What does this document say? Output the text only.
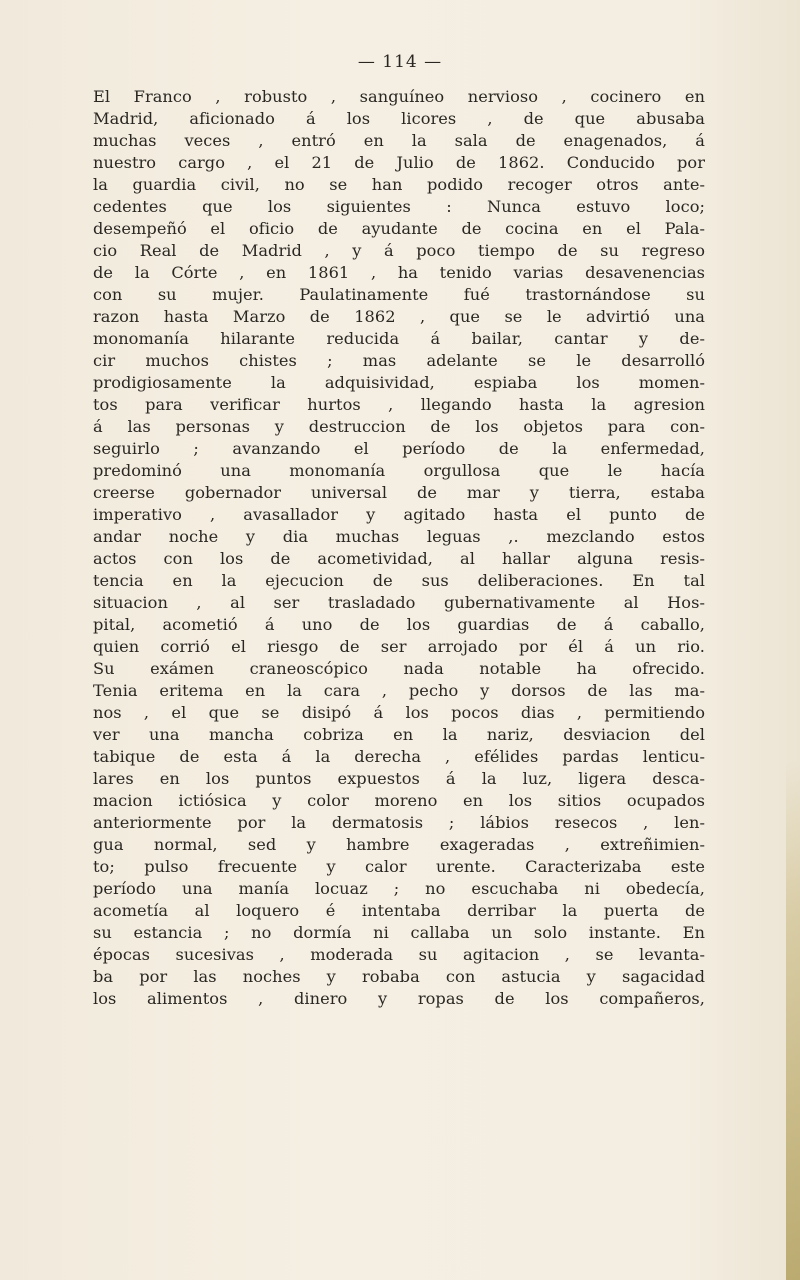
— 114 —
El Franco , robusto , sanguíneo nervioso , cocinero en
Madrid, aficionado á los licores , de que abusaba
muchas veces , entró en la sala de enagenados, á
nuestro cargo , el 21 de Julio de 1862. Conducido por
la guardia civil, no se han podido recoger otros ante-
cedentes que los siguientes : Nunca estuvo loco;
desempeñó el oficio de ayudante de cocina en el Pala-
cio Real de Madrid , y á poco tiempo de su regreso
de la Córte , en 1861 , ha tenido varias desavenencias
con su mujer. Paulatinamente fué trastornándose su
razon hasta Marzo de 1862 , que se le advirtió una
monomanía hilarante reducida á bailar, cantar y de-
cir muchos chistes ; mas adelante se le desarrolló
prodigiosamente la adquisividad, espiaba los momen-
tos para verificar hurtos , llegando hasta la agresion
á las personas y destruccion de los objetos para con-
seguirlo ; avanzando el período de la enfermedad,
predominó una monomanía orgullosa que le hacía
creerse gobernador universal de mar y tierra, estaba
imperativo , avasallador y agitado hasta el punto de
andar noche y dia muchas leguas ,. mezclando estos
actos con los de acometividad, al hallar alguna resis-
tencia en la ejecucion de sus deliberaciones. En tal
situacion , al ser trasladado gubernativamente al Hos-
pital, acometió á uno de los guardias de á caballo,
quien corrió el riesgo de ser arrojado por él á un rio.
Su exámen craneoscópico nada notable ha ofrecido.
Tenia eritema en la cara , pecho y dorsos de las ma-
nos , el que se disipó á los pocos dias , permitiendo
ver una mancha cobriza en la nariz, desviacion del
tabique de esta á la derecha , efélides pardas lenticu-
lares en los puntos expuestos á la luz, ligera desca-
macion ictiósica y color moreno en los sitios ocupados
anteriormente por la dermatosis ; lábios resecos , len-
gua normal, sed y hambre exageradas , extreñimien-
to; pulso frecuente y calor urente. Caracterizaba este
período una manía locuaz ; no escuchaba ni obedecía,
acometía al loquero é intentaba derribar la puerta de
su estancia ; no dormía ni callaba un solo instante. En
épocas sucesivas , moderada su agitacion , se levanta-
ba por las noches y robaba con astucia y sagacidad
los alimentos , dinero y ropas de los compañeros,
